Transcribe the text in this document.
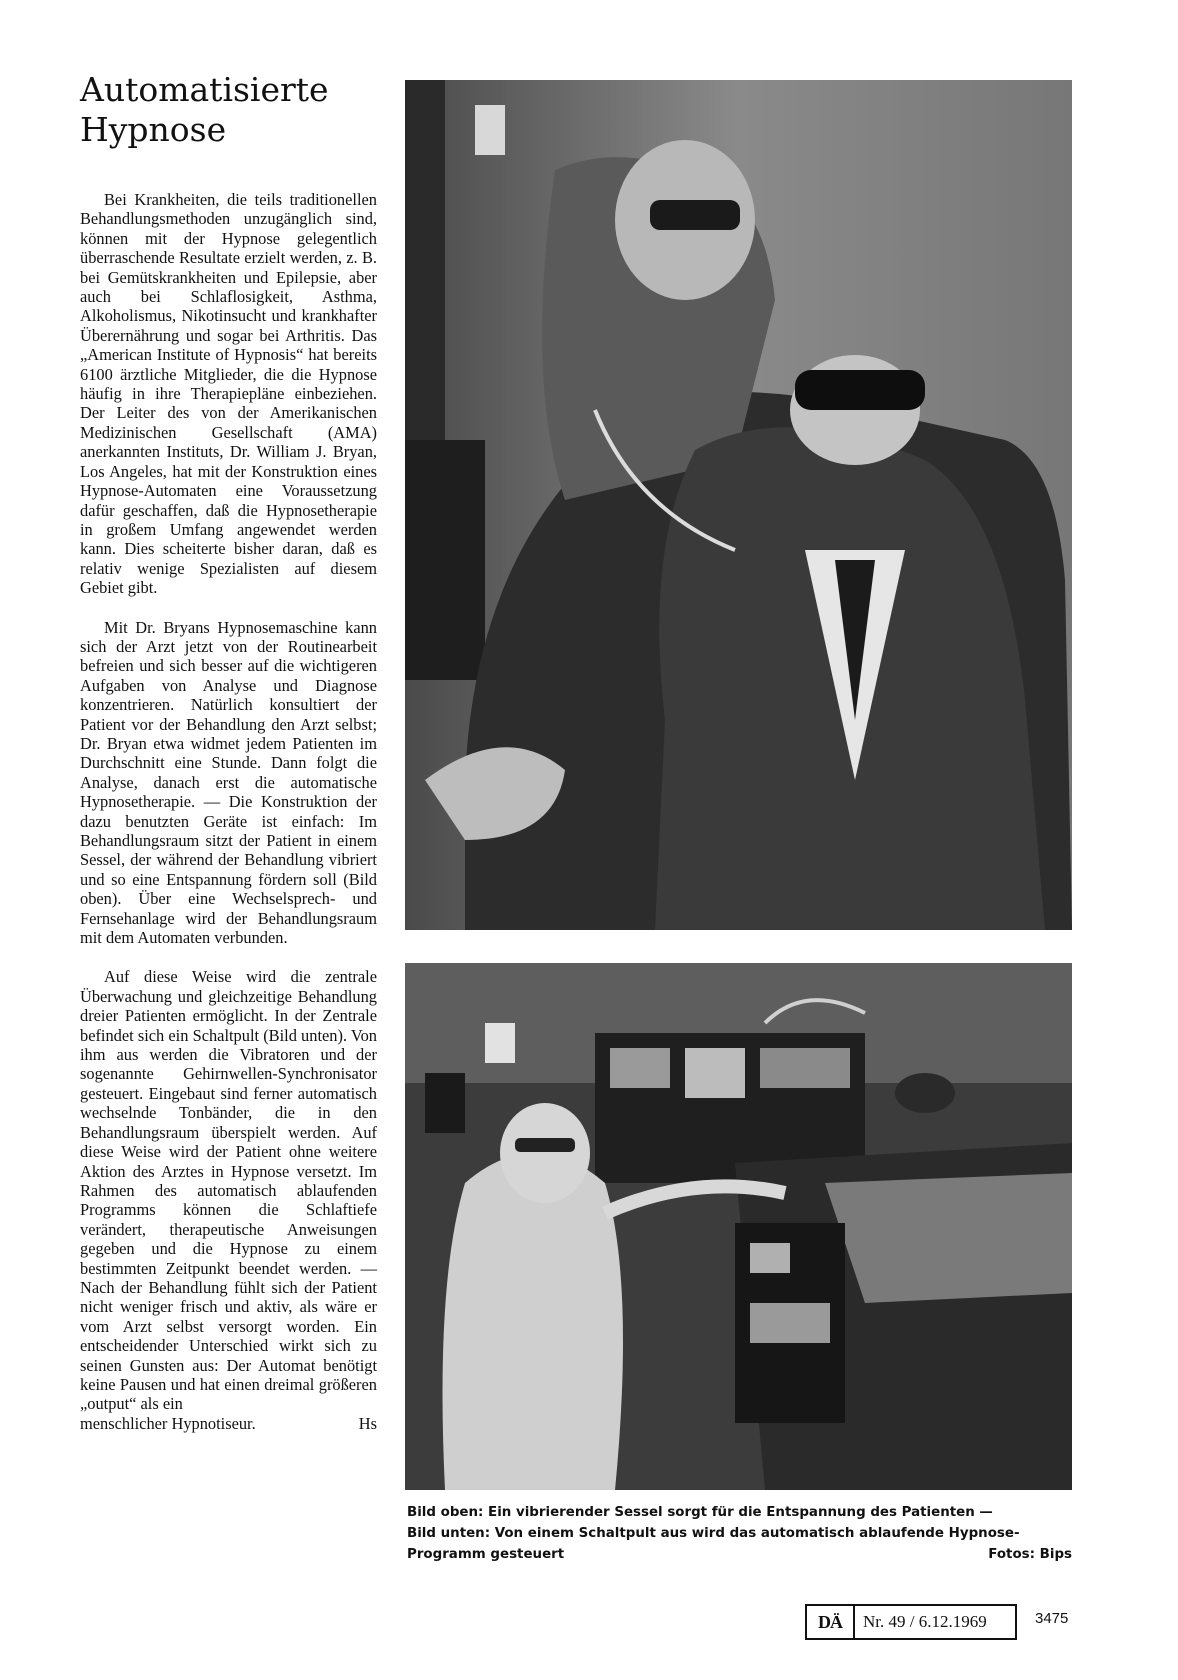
Automatisierte
Hypnose

Bei Krankheiten, die teils traditionellen Behandlungsmethoden unzugänglich sind, können mit der Hypnose gelegentlich überraschende Resultate erzielt werden, z. B. bei Gemütskrankheiten und Epilepsie, aber auch bei Schlaflosigkeit, Asthma, Alkoholismus, Nikotinsucht und krankhafter Überernährung und sogar bei Arthritis. Das „American Institute of Hypnosis“ hat bereits 6100 ärztliche Mitglieder, die die Hypnose häufig in ihre Therapiepläne einbeziehen. Der Leiter des von der Amerikanischen Medizinischen Gesellschaft (AMA) anerkannten Instituts, Dr. William J. Bryan, Los Angeles, hat mit der Konstruktion eines Hypnose-Automaten eine Voraussetzung dafür geschaffen, daß die Hypnosetherapie in großem Umfang angewendet werden kann. Dies scheiterte bisher daran, daß es relativ wenige Spezialisten auf diesem Gebiet gibt.

Mit Dr. Bryans Hypnosemaschine kann sich der Arzt jetzt von der Routinearbeit befreien und sich besser auf die wichtigeren Aufgaben von Analyse und Diagnose konzentrieren. Natürlich konsultiert der Patient vor der Behandlung den Arzt selbst; Dr. Bryan etwa widmet jedem Patienten im Durchschnitt eine Stunde. Dann folgt die Analyse, danach erst die automatische Hypnosetherapie. — Die Konstruktion der dazu benutzten Geräte ist einfach: Im Behandlungsraum sitzt der Patient in einem Sessel, der während der Behandlung vibriert und so eine Entspannung fördern soll (Bild oben). Über eine Wechselsprech- und Fernsehanlage wird der Behandlungsraum mit dem Automaten verbunden.

Auf diese Weise wird die zentrale Überwachung und gleichzeitige Behandlung dreier Patienten ermöglicht. In der Zentrale befindet sich ein Schaltpult (Bild unten). Von ihm aus werden die Vibratoren und der sogenannte Gehirnwellen-Synchronisator gesteuert. Eingebaut sind ferner automatisch wechselnde Tonbänder, die in den Behandlungsraum überspielt werden. Auf diese Weise wird der Patient ohne weitere Aktion des Arztes in Hypnose versetzt. Im Rahmen des automatisch ablaufenden Programms können die Schlaftiefe verändert, therapeutische Anweisungen gegeben und die Hypnose zu einem bestimmten Zeitpunkt beendet werden. — Nach der Behandlung fühlt sich der Patient nicht weniger frisch und aktiv, als wäre er vom Arzt selbst versorgt worden. Ein entscheidender Unterschied wirkt sich zu seinen Gunsten aus: Der Automat benötigt keine Pausen und hat einen dreimal größeren „output“ als ein

menschlicher Hypnotiseur.	Hs

Bild oben: Ein vibrierender Sessel sorgt für die Entspannung des Patienten —
Bild unten: Von einem Schaltpult aus wird das automatisch ablaufende Hypnose-
Programm gesteuert	Fotos: Bips
DÄ	Nr. 49 / 6.12.1969	3475
